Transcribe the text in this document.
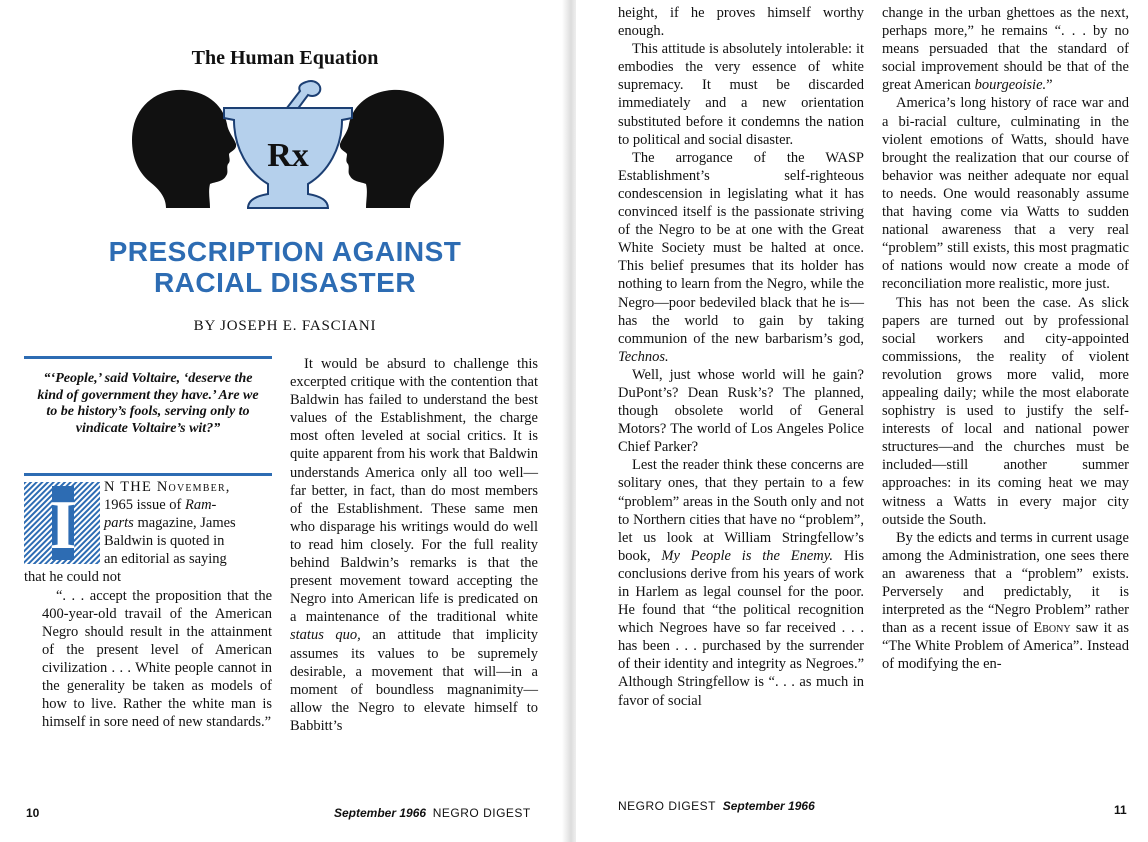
The Human Equation
Rx
PRESCRIPTION AGAINST
RACIAL DISASTER
BY JOSEPH E. FASCIANI
“‘People,’ said Voltaire, ‘deserve the kind of government they have.’ Are we to be history’s fools, serving only to vindicate Voltaire’s wit?”
I N THE November,
1965 issue of Ram-
parts magazine, James
Baldwin is quoted in
an editorial as saying

that he could not

“. . . accept the proposition that the 400-year-old travail of the American Negro should result in the attainment of the present level of American civilization . . . White people cannot in the generality be taken as models of how to live. Rather the white man is himself in sore need of new standards.”

It would be absurd to challenge this excerpted critique with the contention that Baldwin has failed to understand the best values of the Establishment, the charge most often leveled at social critics. It is quite apparent from his work that Baldwin understands America only all too well—far better, in fact, than do most members of the Establishment. These same men who disparage his writings would do well to read him closely. For the full reality behind Baldwin’s remarks is that the present movement toward accepting the Negro into American life is predicated on a maintenance of the traditional white status quo, an attitude that implicity assumes its values to be supremely desirable, a movement that will—in a moment of boundless magnanimity—allow the Negro to elevate himself to Babbitt’s

10	September 1966 NEGRO DIGEST

height, if he proves himself worthy enough.

This attitude is absolutely intolerable: it embodies the very essence of white supremacy. It must be discarded immediately and a new orientation substituted before it condemns the nation to political and social disaster.

The arrogance of the WASP Establishment’s self-righteous condescension in legislating what it has convinced itself is the passionate striving of the Negro to be at one with the Great White Society must be halted at once. This belief presumes that its holder has nothing to learn from the Negro, while the Negro—poor bedeviled black that he is—has the world to gain by taking communion of the new barbarism’s god, Technos.

Well, just whose world will he gain? DuPont’s? Dean Rusk’s? The planned, though obsolete world of General Motors? The world of Los Angeles Police Chief Parker?

Lest the reader think these concerns are solitary ones, that they pertain to a few “problem” areas in the South only and not to Northern cities that have no “problem”, let us look at William Stringfellow’s book, My People is the Enemy. His conclusions derive from his years of work in Harlem as legal counsel for the poor. He found that “the political recognition which Negroes have so far received . . . has been . . . purchased by the surrender of their identity and integrity as Negroes.” Although Stringfellow is “. . . as much in favor of social

change in the urban ghettoes as the next, perhaps more,” he remains “. . . by no means persuaded that the standard of social improvement should be that of the great American bourgeoisie.”

America’s long history of race war and a bi-racial culture, culminating in the violent emotions of Watts, should have brought the realization that our course of behavior was neither adequate nor equal to needs. One would reasonably assume that having come via Watts to sudden national awareness that a very real “problem” still exists, this most pragmatic of nations would now create a mode of reconciliation more realistic, more just.

This has not been the case. As slick papers are turned out by professional social workers and city-appointed commissions, the reality of violent revolution grows more valid, more appealing daily; while the most elaborate sophistry is used to justify the self-interests of local and national power structures—and the churches must be included—still another summer approaches: in its coming heat we may witness a Watts in every major city outside the South.

By the edicts and terms in current usage among the Administration, one sees there an awareness that a “problem” exists. Perversely and predictably, it is interpreted as the “Negro Problem” rather than as a recent issue of Ebony saw it as “The White Problem of America”. Instead of modifying the en-

NEGRO DIGEST September 1966	11
